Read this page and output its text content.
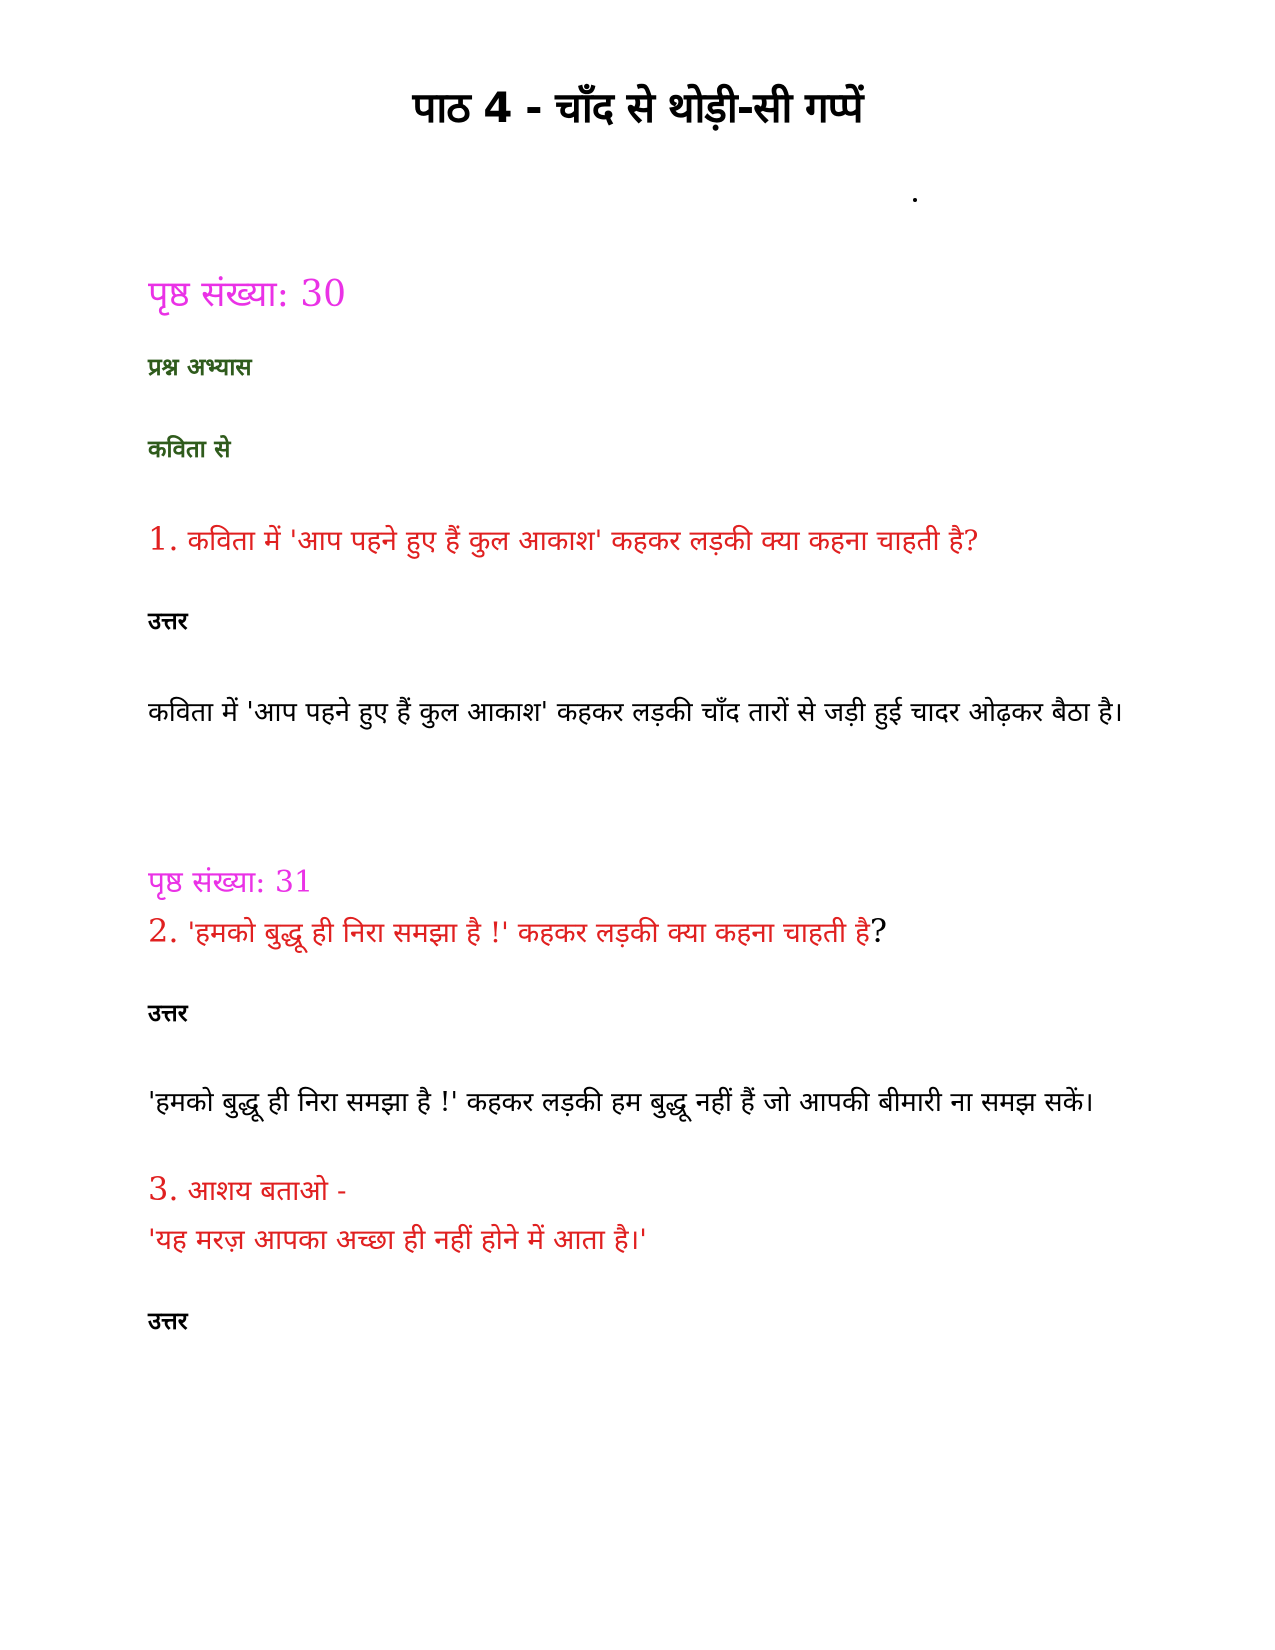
पाठ 4 - चाँद से थोड़ी-सी गप्पें
पृष्ठ संख्या: 30
प्रश्न अभ्यास
कविता से
1. कविता में 'आप पहने हुए हैं कुल आकाश' कहकर लड़की क्या कहना चाहती है?
उत्तर
कविता में 'आप पहने हुए हैं कुल आकाश' कहकर लड़की चाँद तारों से जड़ी हुई चादर ओढ़कर बैठा है।
पृष्ठ संख्या: 31
2. 'हमको बुद्धू ही निरा समझा है !' कहकर लड़की क्या कहना चाहती है?
उत्तर
'हमको बुद्धू ही निरा समझा है !' कहकर लड़की हम बुद्धू नहीं हैं जो आपकी बीमारी ना समझ सकें।
3. आशय बताओ -
'यह मरज़ आपका अच्छा ही नहीं होने में आता है।'
उत्तर
